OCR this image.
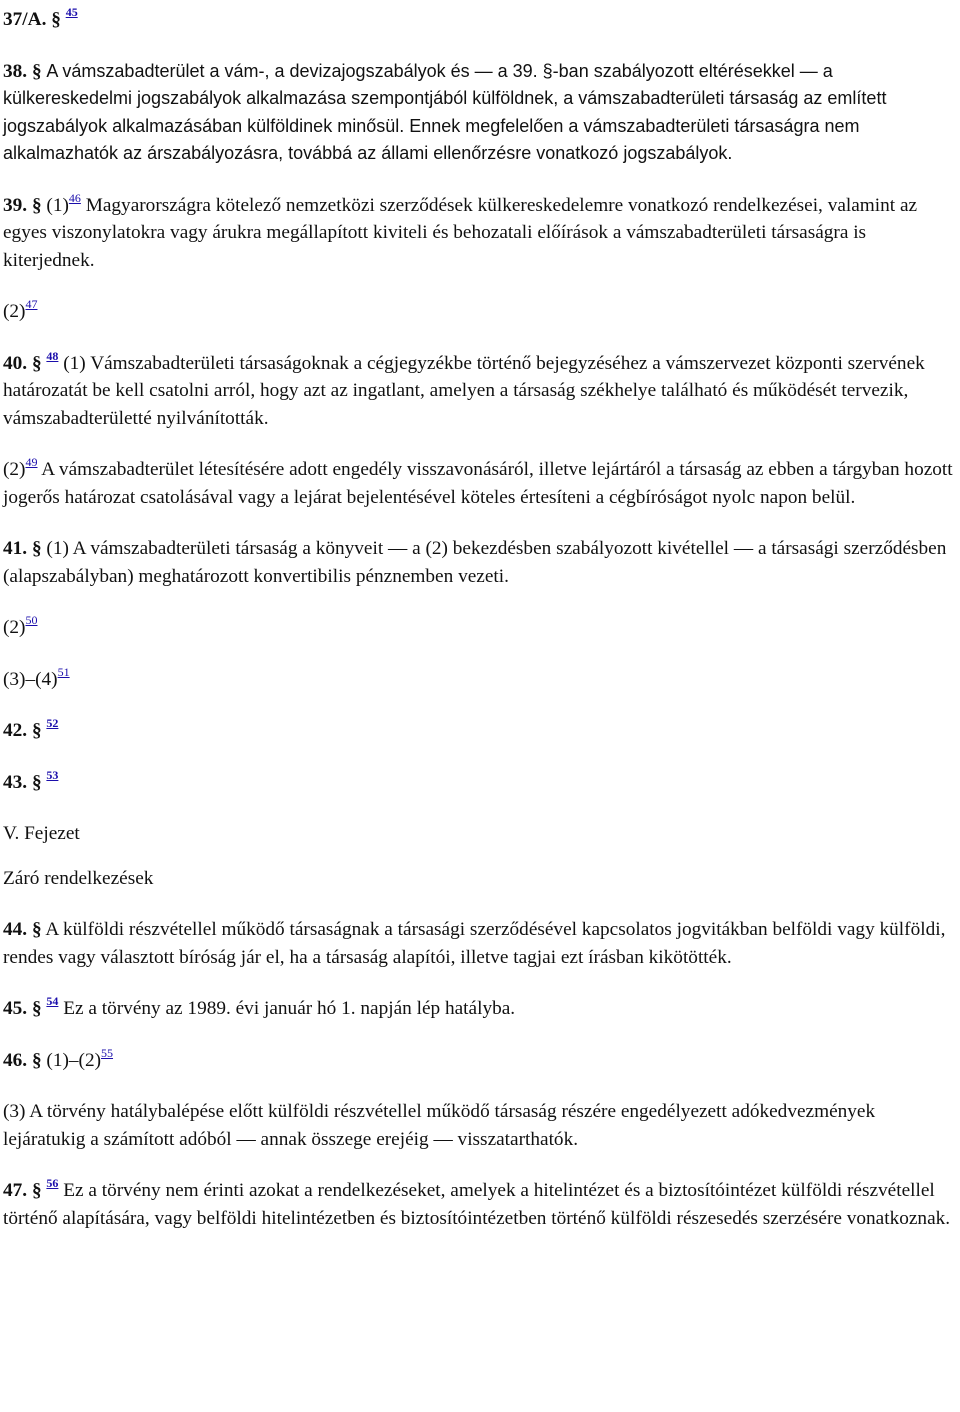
37/A. § $^{45}$

38. § A vámszabadterület a vám-, a devizajogszabályok és — a 39. §-ban szabályozott eltérésekkel — a külkereskedelmi jogszabályok alkalmazása szempontjából külföldnek, a vámszabadterületi társaság az említett jogszabályok alkalmazásában külföldinek minősül. Ennek megfelelően a vámszabadterületi társaságra nem alkalmazhatók az árszabályozásra, továbbá az állami ellenőrzésre vonatkozó jogszabályok.

39. § (1)$^{46}$ Magyarországra kötelező nemzetközi szerződések külkereskedelemre vonatkozó rendelkezései, valamint az egyes viszonylatokra vagy árukra megállapított kiviteli és behozatali előírások a vámszabadterületi társaságra is kiterjednek.

(2)$^{47}$

40. § $^{48}$ (1) Vámszabadterületi társaságoknak a cégjegyzékbe történő bejegyzéséhez a vámszervezet központi szervének határozatát be kell csatolni arról, hogy azt az ingatlant, amelyen a társaság székhelye található és működését tervezik, vámszabadterületté nyilvánították.

(2)$^{49}$ A vámszabadterület létesítésére adott engedély visszavonásáról, illetve lejártáról a társaság az ebben a tárgyban hozott jogerős határozat csatolásával vagy a lejárat bejelentésével köteles értesíteni a cégbíróságot nyolc napon belül.

41. § (1) A vámszabadterületi társaság a könyveit — a (2) bekezdésben szabályozott kivétellel — a társasági szerződésben (alapszabályban) meghatározott konvertibilis pénznemben vezeti.

(2)$^{50}$

(3)–(4)$^{51}$

42. § $^{52}$

43. § $^{53}$

V. Fejezet

Záró rendelkezések

44. § A külföldi részvétellel működő társaságnak a társasági szerződésével kapcsolatos jogvitákban belföldi vagy külföldi, rendes vagy választott bíróság jár el, ha a társaság alapítói, illetve tagjai ezt írásban kikötötték.

45. § $^{54}$ Ez a törvény az 1989. évi január hó 1. napján lép hatályba.

46. § (1)–(2)$^{55}$

(3) A törvény hatálybalépése előtt külföldi részvétellel működő társaság részére engedélyezett adókedvezmények lejáratukig a számított adóból — annak összege erejéig — visszatarthatók.

47. § $^{56}$ Ez a törvény nem érinti azokat a rendelkezéseket, amelyek a hitelintézet és a biztosítóintézet külföldi részvétellel történő alapítására, vagy belföldi hitelintézetben és biztosítóintézetben történő külföldi részesedés szerzésére vonatkoznak.
